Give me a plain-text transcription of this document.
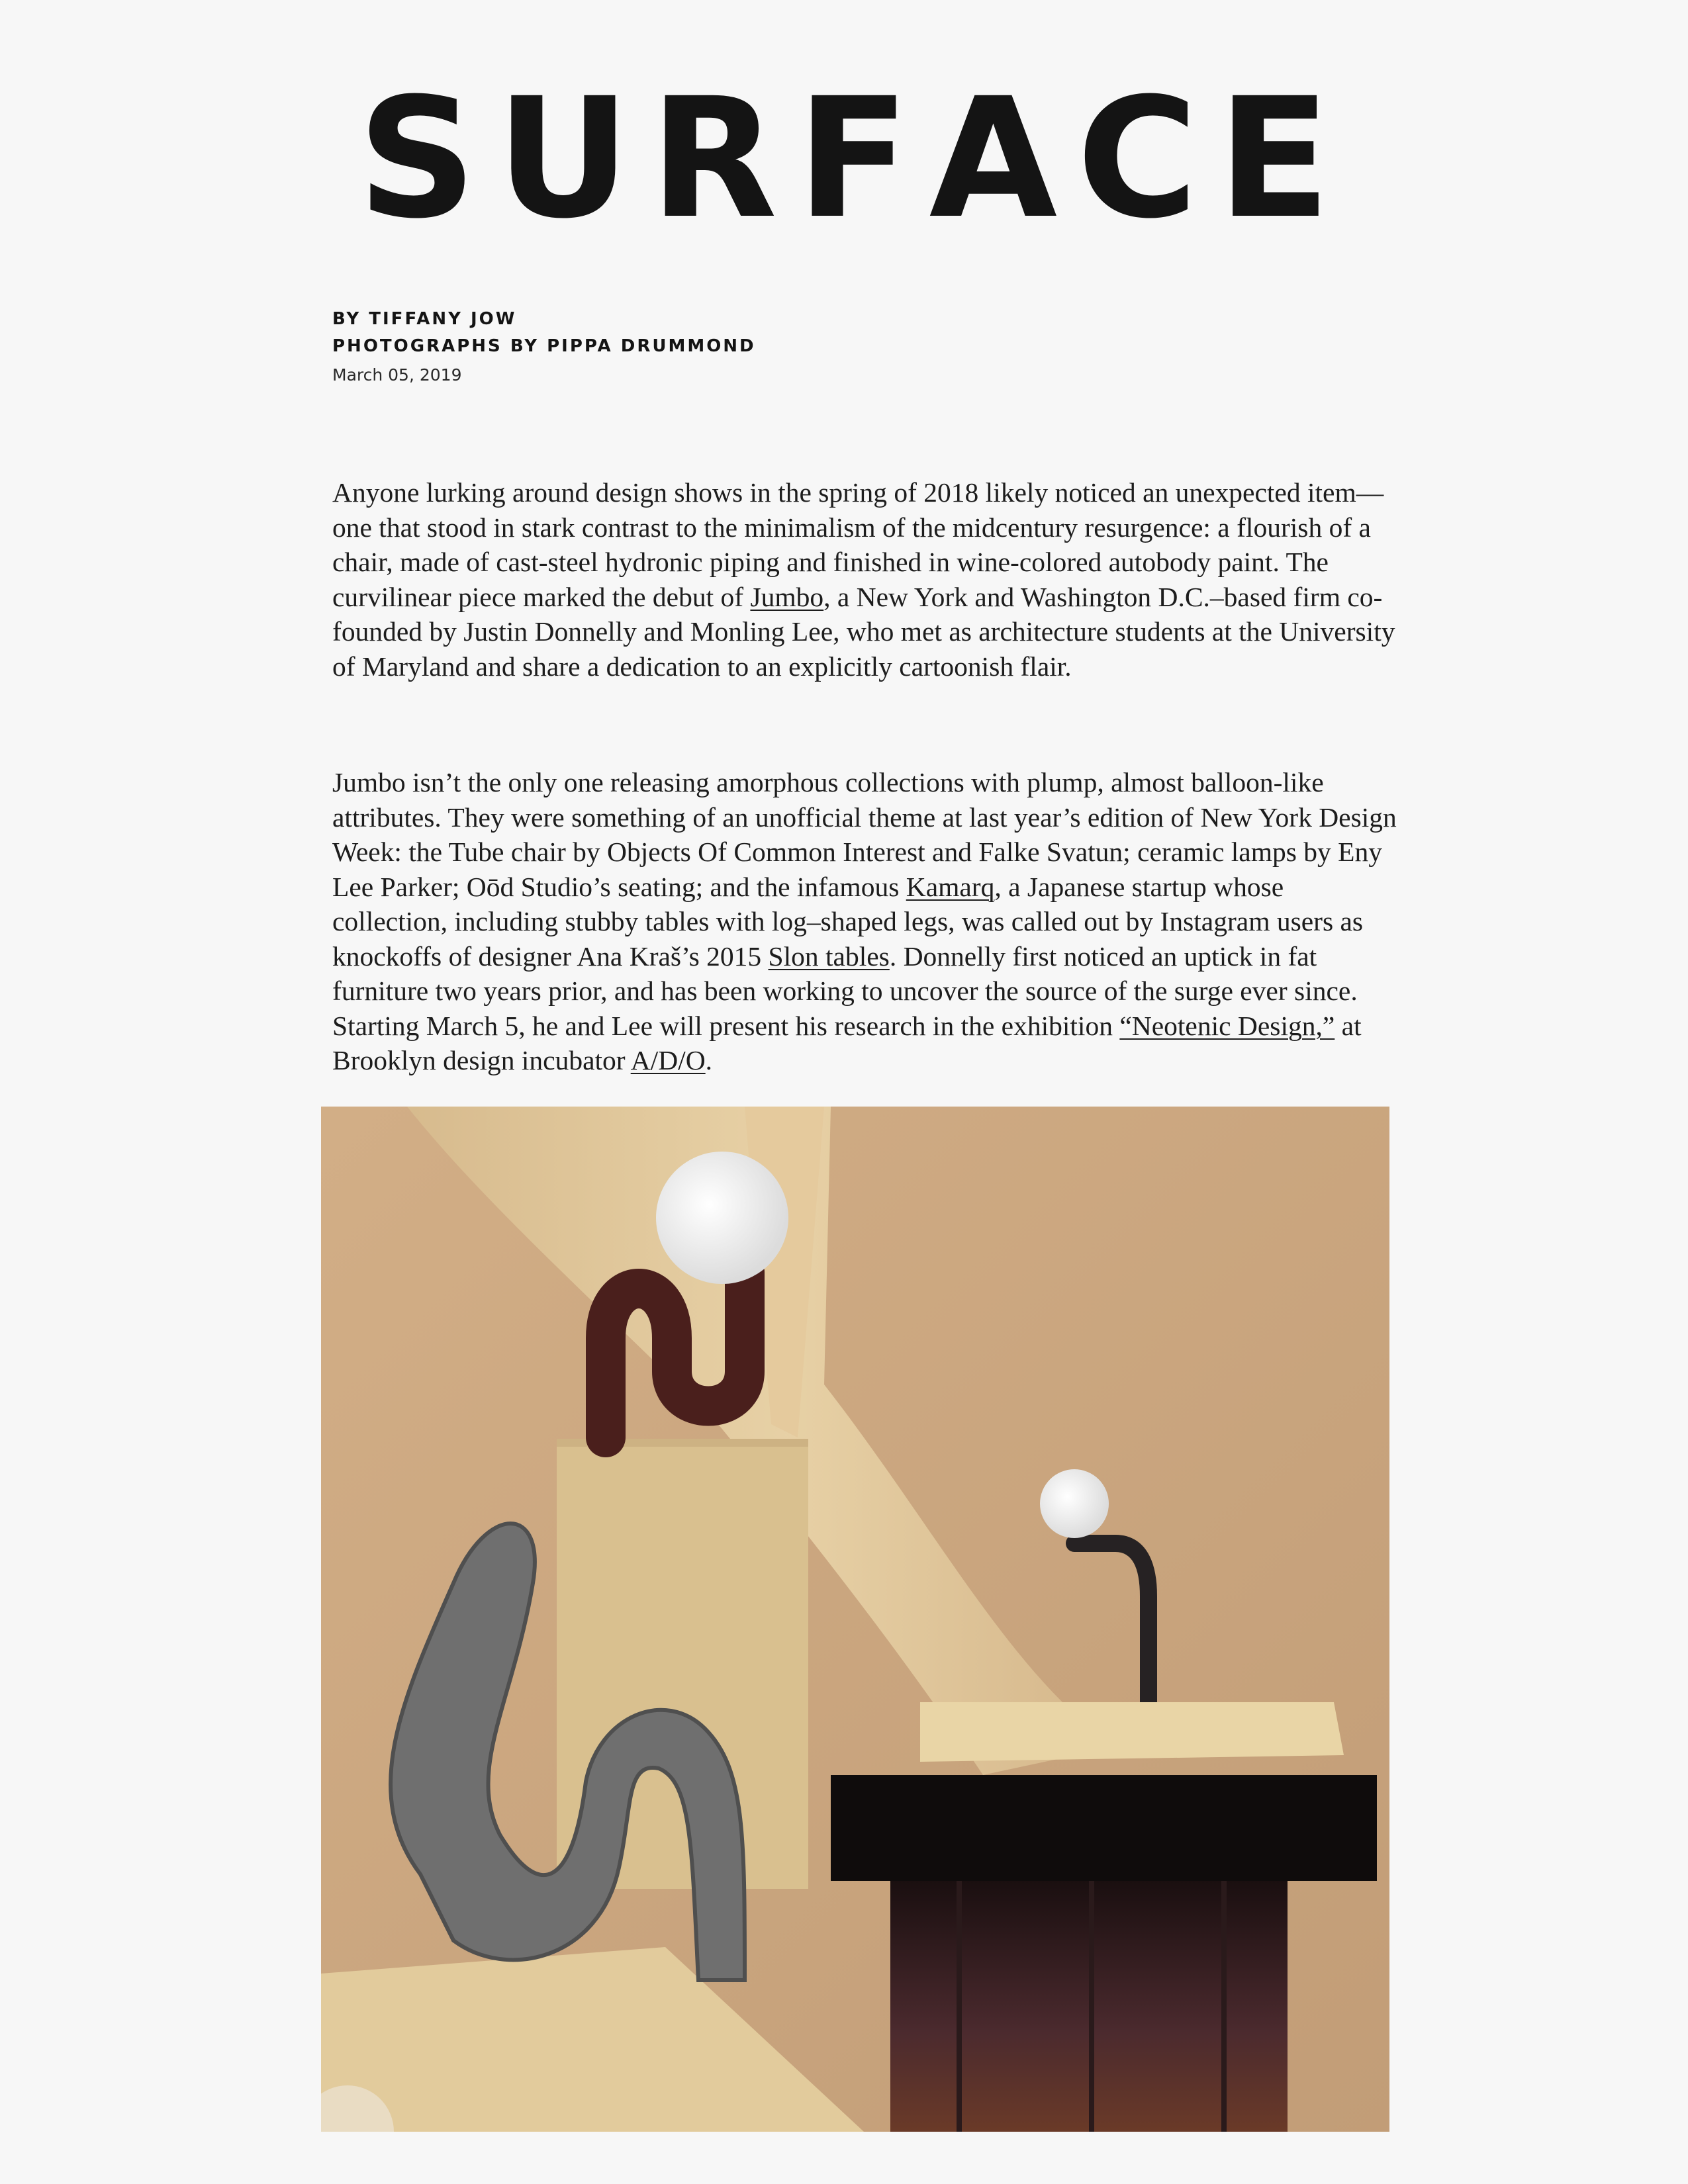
S U R F A C E
BY TIFFANY JOW
PHOTOGRAPHS BY PIPPA DRUMMOND
March 05, 2019

Anyone lurking around design shows in the spring of 2018 likely noticed an unexpected item—one that stood in stark contrast to the minimalism of the midcentury resurgence: a flourish of a chair, made of cast-steel hydronic piping and finished in wine-colored autobody paint. The curvilinear piece marked the debut of Jumbo, a New York and Washington D.C.–based firm co-founded by Justin Donnelly and Monling Lee, who met as architecture students at the University of Maryland and share a dedication to an explicitly cartoonish flair.

Jumbo isn’t the only one releasing amorphous collections with plump, almost balloon-like attributes. They were something of an unofficial theme at last year’s edition of New York Design Week: the Tube chair by Objects Of Common Interest and Falke Svatun; ceramic lamps by Eny Lee Parker; Oōd Studio’s seating; and the infamous Kamarq, a Japanese startup whose collection, including stubby tables with log–shaped legs, was called out by Instagram users as knockoffs of designer Ana Kraš’s 2015 Slon tables. Donnelly first noticed an uptick in fat furniture two years prior, and has been working to uncover the source of the surge ever since. Starting March 5, he and Lee will present his research in the exhibition “Neotenic Design,” at Brooklyn design incubator A/D/O.
